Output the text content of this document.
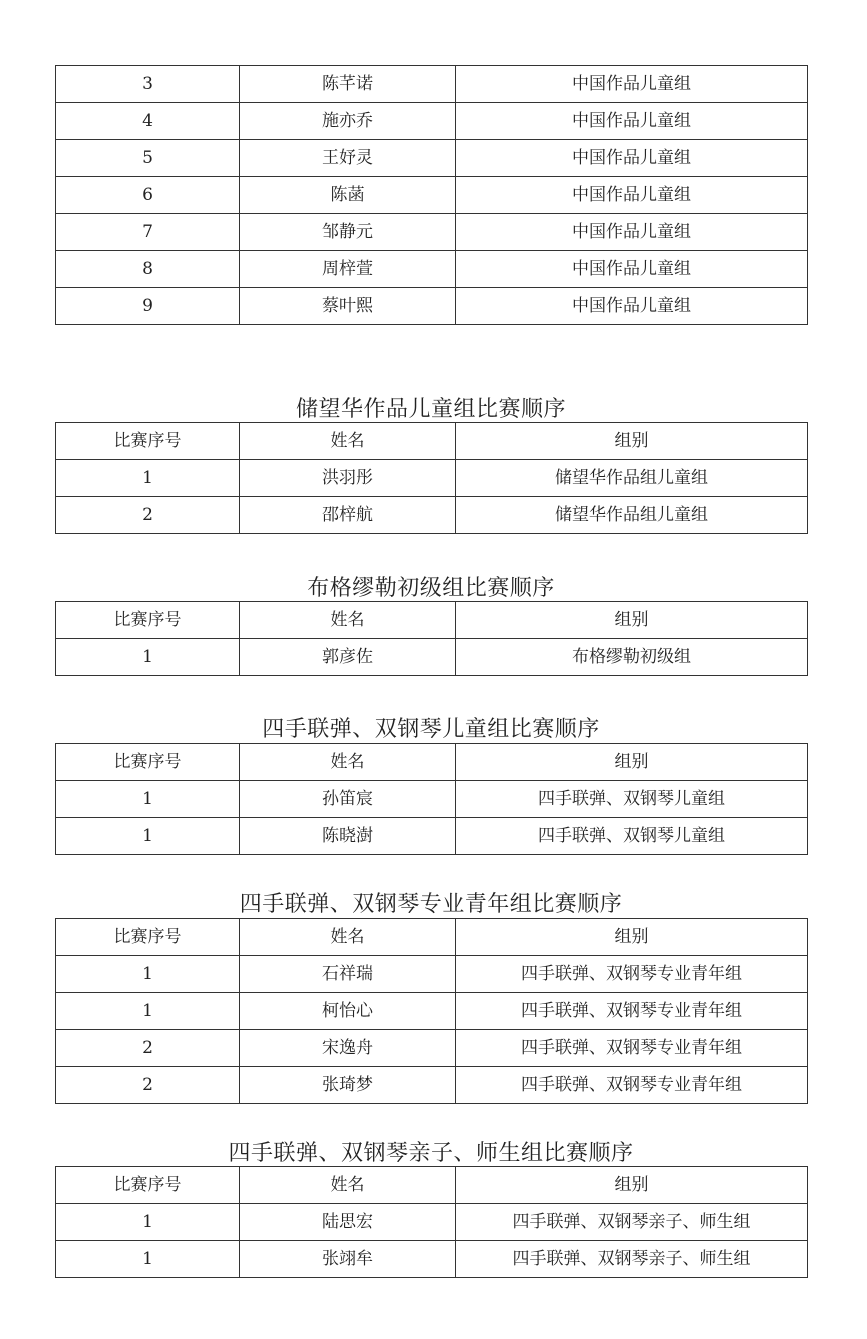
3	陈芊诺	中国作品儿童组
4	施亦乔	中国作品儿童组
5	王妤灵	中国作品儿童组
6	陈菡	中国作品儿童组
7	邹静元	中国作品儿童组
8	周梓萱	中国作品儿童组
9	蔡叶熙	中国作品儿童组
储望华作品儿童组比赛顺序
比赛序号	姓名	组别
1	洪羽彤	储望华作品组儿童组
2	邵梓航	储望华作品组儿童组
布格缪勒初级组比赛顺序
比赛序号	姓名	组别
1	郭彦佐	布格缪勒初级组
四手联弹、双钢琴儿童组比赛顺序
比赛序号	姓名	组别
1	孙笛宸	四手联弹、双钢琴儿童组
1	陈晓澍	四手联弹、双钢琴儿童组
四手联弹、双钢琴专业青年组比赛顺序
比赛序号	姓名	组别
1	石祥瑞	四手联弹、双钢琴专业青年组
1	柯怡心	四手联弹、双钢琴专业青年组
2	宋逸舟	四手联弹、双钢琴专业青年组
2	张琦梦	四手联弹、双钢琴专业青年组
四手联弹、双钢琴亲子、师生组比赛顺序
比赛序号	姓名	组别
1	陆思宏	四手联弹、双钢琴亲子、师生组
1	张翊牟	四手联弹、双钢琴亲子、师生组
